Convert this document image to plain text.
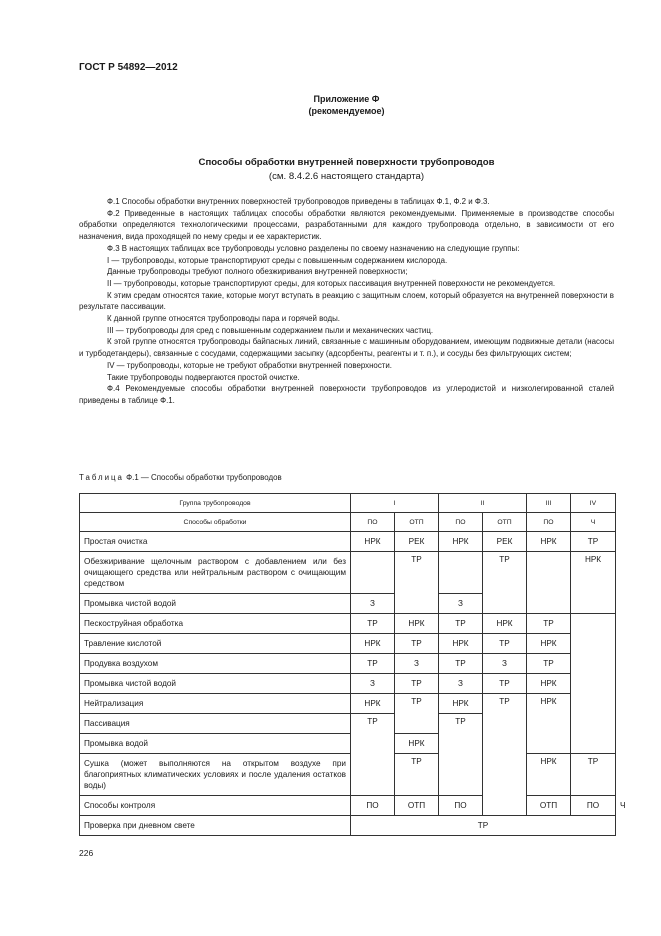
ГОСТ Р 54892—2012
Приложение Ф
(рекомендуемое)
Способы обработки внутренней поверхности трубопроводов
(см. 8.4.2.6 настоящего стандарта)

Ф.1 Способы обработки внутренних поверхностей трубопроводов приведены в таблицах Ф.1, Ф.2 и Ф.3.

Ф.2 Приведенные в настоящих таблицах способы обработки являются рекомендуемыми. Применяемые в производстве способы обработки определяются технологическими процессами, разработанными для каждого трубопровода отдельно, в зависимости от его назначения, вида проходящей по нему среды и ее характеристик.

Ф.3 В настоящих таблицах все трубопроводы условно разделены по своему назначению на следующие группы:

I — трубопроводы, которые транспортируют среды с повышенным содержанием кислорода.

Данные трубопроводы требуют полного обезжиривания внутренней поверхности;

II — трубопроводы, которые транспортируют среды, для которых пассивация внутренней поверхности не рекомендуется.

К этим средам относятся такие, которые могут вступать в реакцию с защитным слоем, который образуется на внутренней поверхности в результате пассивации.

К данной группе относятся трубопроводы пара и горячей воды.

III — трубопроводы для сред с повышенным содержанием пыли и механических частиц.

К этой группе относятся трубопроводы байпасных линий, связанные с машинным оборудованием, имеющим подвижные детали (насосы и турбодетандеры), связанные с сосудами, содержащими засыпку (адсорбенты, реагенты и т. п.), и сосуды без фильтрующих систем;

IV — трубопроводы, которые не требуют обработки внутренней поверхности.

Такие трубопроводы подвергаются простой очистке.

Ф.4 Рекомендуемые способы обработки внутренней поверхности трубопроводов из углеродистой и низколегированной сталей приведены в таблице Ф.1.

Таблица Ф.1 — Способы обработки трубопроводов
Группа трубопроводов	I		II		III	IV	
Способы обработки	ПО	ОТП	ПО	ОТП	ПО	Ч	
Простая очистка	НРК	РЕК	НРК	РЕК	НРК	ТР	
Обезжиривание щелочным раствором с добавлением или без очищающего средства или нейтральным раствором с очищающим средством		ТР		ТР		НРК	
Промывка чистой водой	З		З				
Пескоструйная обработка	ТР	НРК	ТР	НРК	ТР		
Травление кислотой	НРК	ТР	НРК	ТР	НРК		
Продувка воздухом	ТР	З	ТР	З	ТР		
Промывка чистой водой	З	ТР	З	ТР	НРК		
Нейтрализация	НРК	ТР	НРК	ТР	НРК		
Пассивация	ТР		ТР				
Промывка водой		НРК					
Сушка (может выполняются на открытом воздухе при благоприятных климатических условиях и после удаления остатков воды)		ТР			НРК	ТР	
Способы контроля	ПО	ОТП	ПО		ОТП	ПО	Ч
Проверка при дневном свете	ТР						
226
